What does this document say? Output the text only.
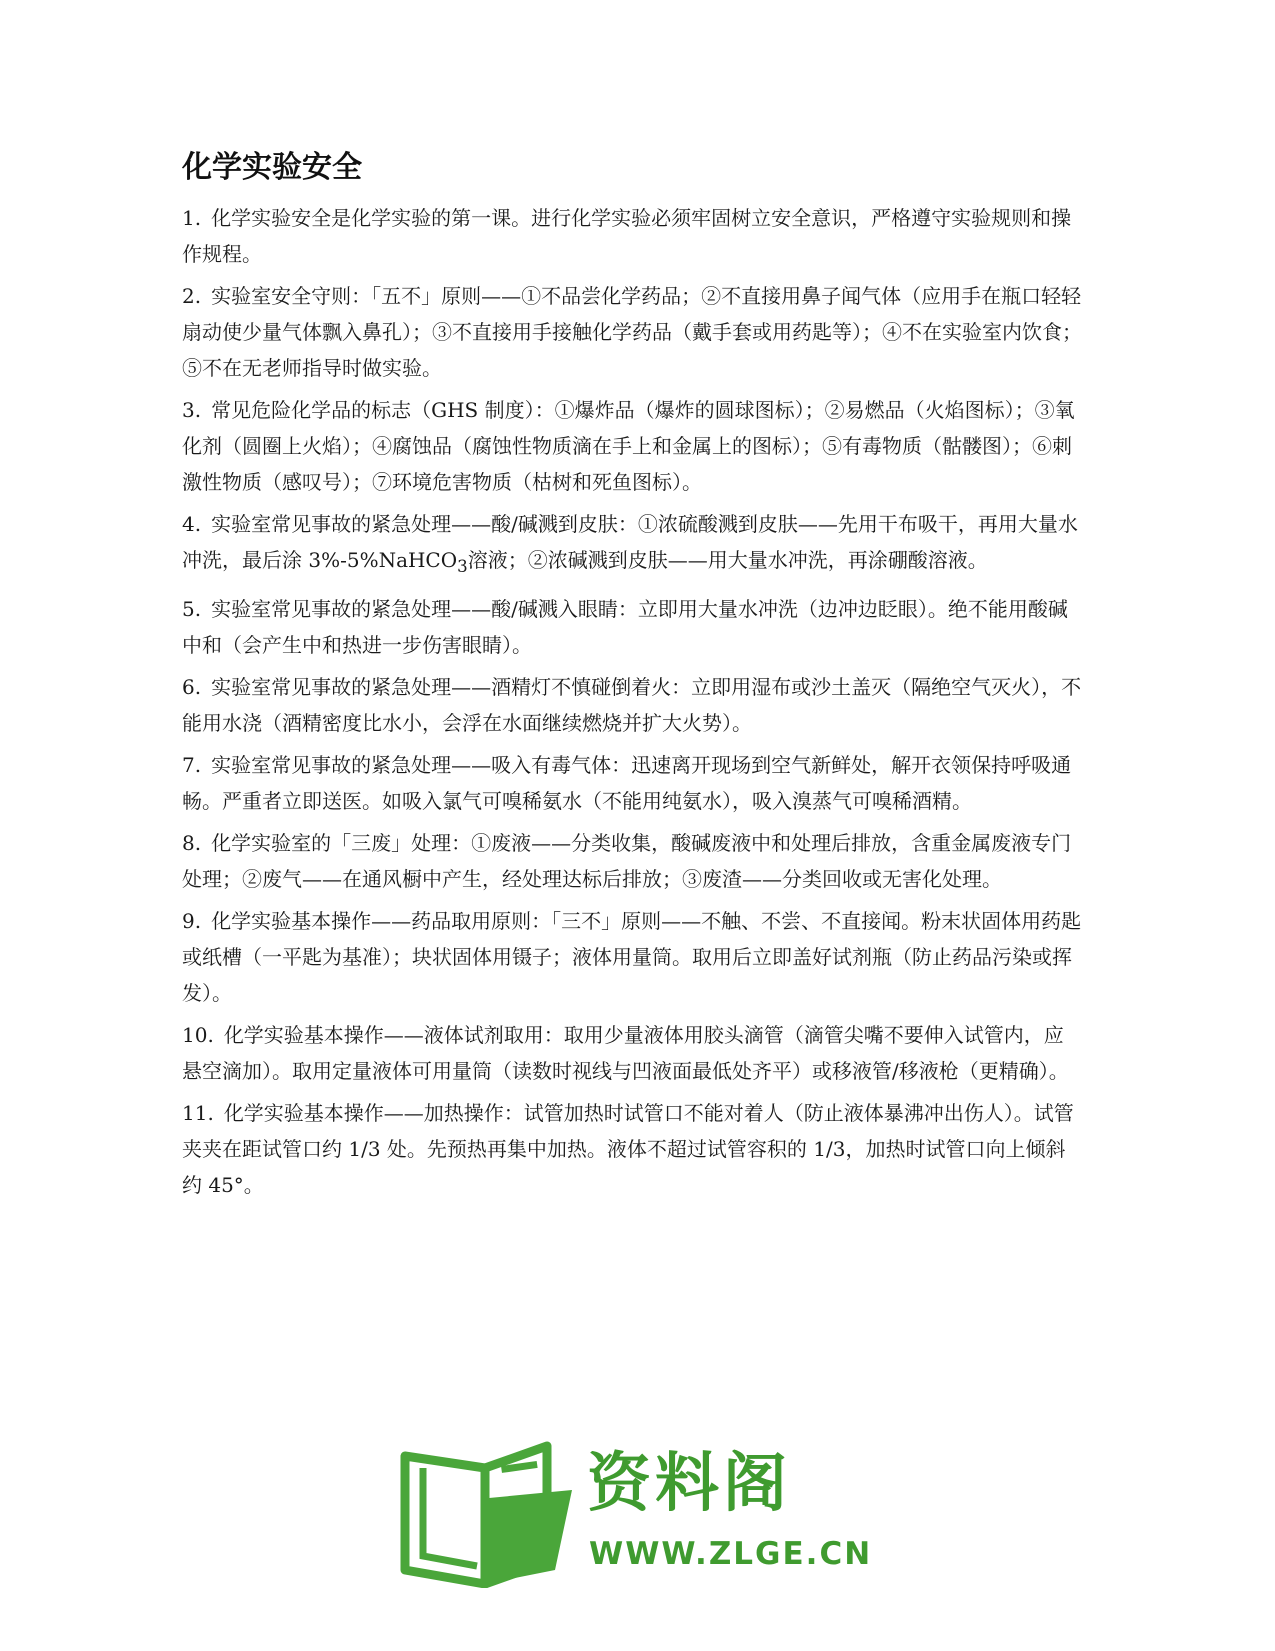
化学实验安全

1. 化学实验安全是化学实验的第一课。进行化学实验必须牢固树立安全意识，严格遵守实验规则和操作规程。

2. 实验室安全守则：「五不」原则——①不品尝化学药品；②不直接用鼻子闻气体（应用手在瓶口轻轻扇动使少量气体飘入鼻孔）；③不直接用手接触化学药品（戴手套或用药匙等）；④不在实验室内饮食；⑤不在无老师指导时做实验。

3. 常见危险化学品的标志（GHS 制度）：①爆炸品（爆炸的圆球图标）；②易燃品（火焰图标）；③氧化剂（圆圈上火焰）；④腐蚀品（腐蚀性物质滴在手上和金属上的图标）；⑤有毒物质（骷髅图）；⑥刺激性物质（感叹号）；⑦环境危害物质（枯树和死鱼图标）。

4. 实验室常见事故的紧急处理——酸/碱溅到皮肤：①浓硫酸溅到皮肤——先用干布吸干，再用大量水冲洗，最后涂 3%-5%NaHCO$_3$溶液；②浓碱溅到皮肤——用大量水冲洗，再涂硼酸溶液。

5. 实验室常见事故的紧急处理——酸/碱溅入眼睛：立即用大量水冲洗（边冲边眨眼）。绝不能用酸碱中和（会产生中和热进一步伤害眼睛）。

6. 实验室常见事故的紧急处理——酒精灯不慎碰倒着火：立即用湿布或沙土盖灭（隔绝空气灭火），不能用水浇（酒精密度比水小，会浮在水面继续燃烧并扩大火势）。

7. 实验室常见事故的紧急处理——吸入有毒气体：迅速离开现场到空气新鲜处，解开衣领保持呼吸通畅。严重者立即送医。如吸入氯气可嗅稀氨水（不能用纯氨水），吸入溴蒸气可嗅稀酒精。

8. 化学实验室的「三废」处理：①废液——分类收集，酸碱废液中和处理后排放，含重金属废液专门处理；②废气——在通风橱中产生，经处理达标后排放；③废渣——分类回收或无害化处理。

9. 化学实验基本操作——药品取用原则：「三不」原则——不触、不尝、不直接闻。粉末状固体用药匙或纸槽（一平匙为基准）；块状固体用镊子；液体用量筒。取用后立即盖好试剂瓶（防止药品污染或挥发）。

10. 化学实验基本操作——液体试剂取用：取用少量液体用胶头滴管（滴管尖嘴不要伸入试管内，应悬空滴加）。取用定量液体可用量筒（读数时视线与凹液面最低处齐平）或移液管/移液枪（更精确）。

11. 化学实验基本操作——加热操作：试管加热时试管口不能对着人（防止液体暴沸冲出伤人）。试管夹夹在距试管口约 1/3 处。先预热再集中加热。液体不超过试管容积的 1/3，加热时试管口向上倾斜约 45°。

资料阁
WWW.ZLGE.CN
